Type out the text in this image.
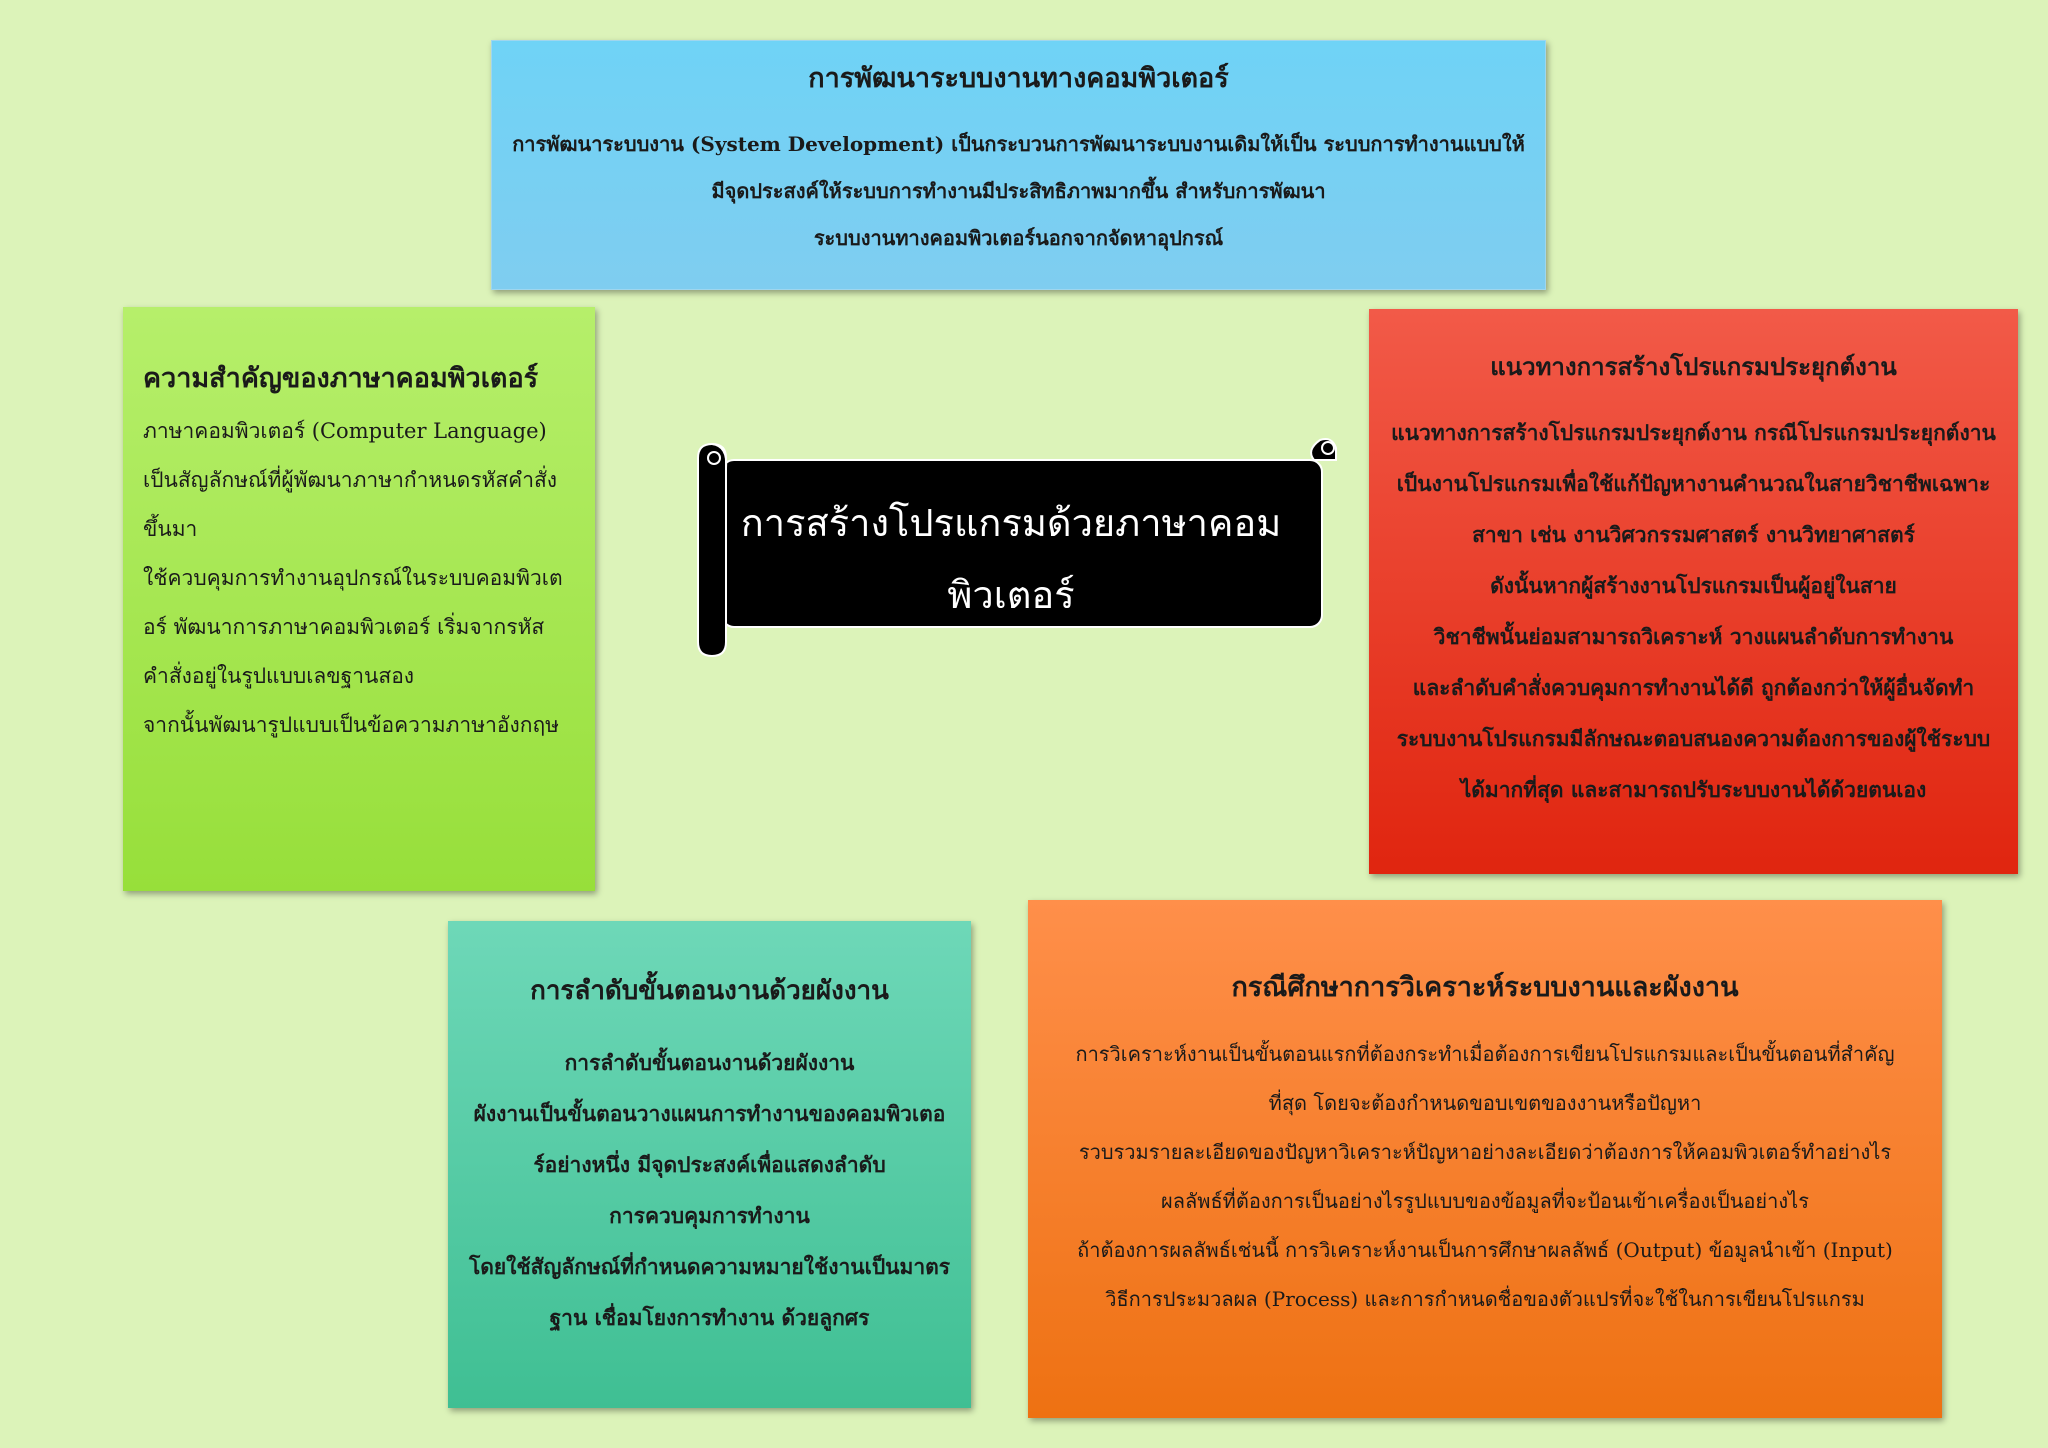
การพัฒนาระบบงานทางคอมพิวเตอร์

การพัฒนาระบบงาน (System Development) เป็นกระบวนการพัฒนาระบบงานเดิมให้เป็น ระบบการทำงานแบบให้

มีจุดประสงค์ให้ระบบการทำงานมีประสิทธิภาพมากขึ้น สำหรับการพัฒนา

ระบบงานทางคอมพิวเตอร์นอกจากจัดหาอุปกรณ์

ความสำคัญของภาษาคอมพิวเตอร์

ภาษาคอมพิวเตอร์ (Computer Language)

เป็นสัญลักษณ์ที่ผู้พัฒนาภาษากำหนดรหัสคำสั่ง

ขึ้นมา

ใช้ควบคุมการทำงานอุปกรณ์ในระบบคอมพิวเต

อร์ พัฒนาการภาษาคอมพิวเตอร์ เริ่มจากรหัส

คำสั่งอยู่ในรูปแบบเลขฐานสอง

จากนั้นพัฒนารูปแบบเป็นข้อความภาษาอังกฤษ

แนวทางการสร้างโปรแกรมประยุกต์งาน

แนวทางการสร้างโปรแกรมประยุกต์งาน กรณีโปรแกรมประยุกต์งาน

เป็นงานโปรแกรมเพื่อใช้แก้ปัญหางานคำนวณในสายวิชาชีพเฉพาะ

สาขา เช่น งานวิศวกรรมศาสตร์ งานวิทยาศาสตร์

ดังนั้นหากผู้สร้างงานโปรแกรมเป็นผู้อยู่ในสาย

วิชาชีพนั้นย่อมสามารถวิเคราะห์ วางแผนลำดับการทำงาน

และลำดับคำสั่งควบคุมการทำงานได้ดี ถูกต้องกว่าให้ผู้อื่นจัดทำ

ระบบงานโปรแกรมมีลักษณะตอบสนองความต้องการของผู้ใช้ระบบ

ได้มากที่สุด และสามารถปรับระบบงานได้ด้วยตนเอง

การลำดับขั้นตอนงานด้วยผังงาน

การลำดับขั้นตอนงานด้วยผังงาน

ผังงานเป็นขั้นตอนวางแผนการทำงานของคอมพิวเตอ

ร์อย่างหนึ่ง มีจุดประสงค์เพื่อแสดงลำดับ

การควบคุมการทำงาน

โดยใช้สัญลักษณ์ที่กำหนดความหมายใช้งานเป็นมาตร

ฐาน เชื่อมโยงการทำงาน ด้วยลูกศร

กรณีศึกษาการวิเคราะห์ระบบงานและผังงาน

การวิเคราะห์งานเป็นขั้นตอนแรกที่ต้องกระทำเมื่อต้องการเขียนโปรแกรมและเป็นขั้นตอนที่สำคัญ

ที่สุด โดยจะต้องกำหนดขอบเขตของงานหรือปัญหา

รวบรวมรายละเอียดของปัญหาวิเคราะห์ปัญหาอย่างละเอียดว่าต้องการให้คอมพิวเตอร์ทำอย่างไร

ผลลัพธ์ที่ต้องการเป็นอย่างไรรูปแบบของข้อมูลที่จะป้อนเข้าเครื่องเป็นอย่างไร

ถ้าต้องการผลลัพธ์เช่นนี้ การวิเคราะห์งานเป็นการศึกษาผลลัพธ์ (Output) ข้อมูลนำเข้า (Input)

วิธีการประมวลผล (Process) และการกำหนดชื่อของตัวแปรที่จะใช้ในการเขียนโปรแกรม

การสร้างโปรแกรมด้วยภาษาคอมพิวเตอร์
